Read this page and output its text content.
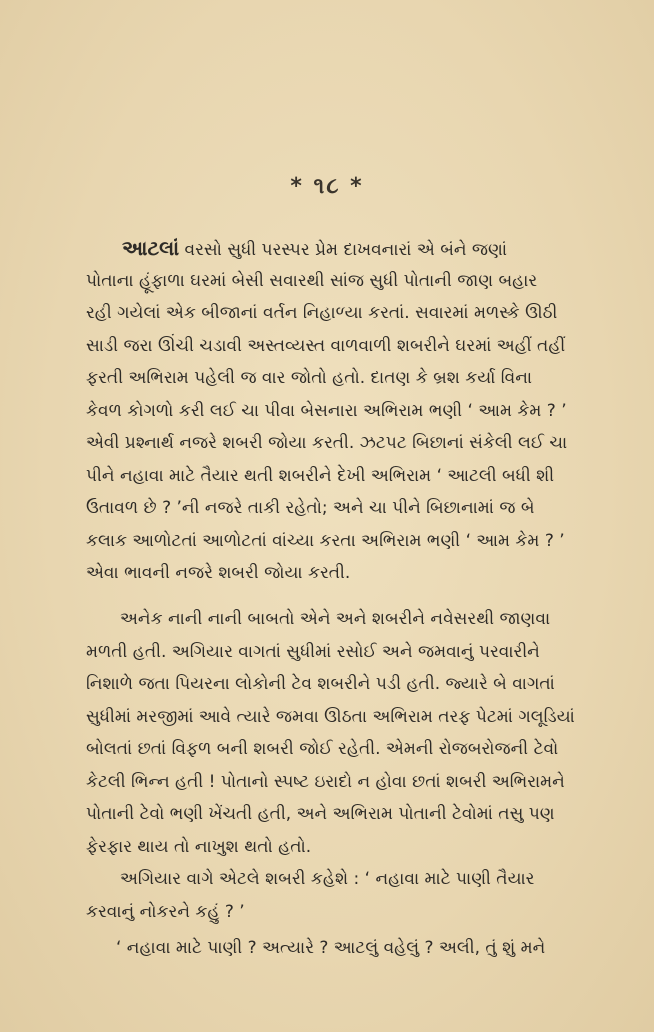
* ૧૮ *
આટલાં વરસો સુધી પરસ્પર પ્રેમ દાખવનારાં એ બંને જણાં
પોતાના હૂંફાળા ઘરમાં બેસી સવારથી સાંજ સુધી પોતાની જાણ બહાર
રહી ગયેલાં એક બીજાનાં વર્તન નિહાળ્યા કરતાં. સવારમાં મળસ્કે ઊઠી
સાડી જરા ઊંચી ચડાવી અસ્તવ્યસ્ત વાળવાળી શબરીને ઘરમાં અહીં તહીં
ફરતી અભિરામ પહેલી જ વાર જોતો હતો. દાતણ કે બ્રશ કર્યા વિના
કેવળ કોગળો કરી લઈ ચા પીવા બેસનારા અભિરામ ભણી ‘ આમ કેમ ? ’
એવી પ્રશ્નાર્થ નજરે શબરી જોયા કરતી. ઝટપટ બિછાનાં સંકેલી લઈ ચા
પીને નહાવા માટે તૈયાર થતી શબરીને દેખી અભિરામ ‘ આટલી બધી શી
ઉતાવળ છે ? ’ની નજરે તાકી રહેતો; અને ચા પીને બિછાનામાં જ બે
કલાક આળોટતાં આળોટતાં વાંચ્યા કરતા અભિરામ ભણી ‘ આમ કેમ ? ’
એવા ભાવની નજરે શબરી જોયા કરતી.
અનેક નાની નાની બાબતો એને અને શબરીને નવેસરથી જાણવા
મળતી હતી. અગિયાર વાગતાં સુધીમાં રસોઈ અને જમવાનું પરવારીને
નિશાળે જતા પિયરના લોકોની ટેવ શબરીને પડી હતી. જ્યારે બે વાગતાં
સુધીમાં મરજીમાં આવે ત્યારે જમવા ઊઠતા અભિરામ તરફ પેટમાં ગલૂડિયાં
બોલતાં છતાં વિફળ બની શબરી જોઈ રહેતી. એમની રોજબરોજની ટેવો
કેટલી ભિન્ન હતી ! પોતાનો સ્પષ્ટ ઇરાદો ન હોવા છતાં શબરી અભિરામને
પોતાની ટેવો ભણી ખેંચતી હતી, અને અભિરામ પોતાની ટેવોમાં તસુ પણ
ફેરફાર થાય તો નાખુશ થતો હતો.
અગિયાર વાગે એટલે શબરી કહેશે : ‘ નહાવા માટે પાણી તૈયાર
કરવાનું નોકરને કહું ? ’
‘ નહાવા માટે પાણી ? અત્યારે ? આટલું વહેલું ? અલી, તું શું મને
